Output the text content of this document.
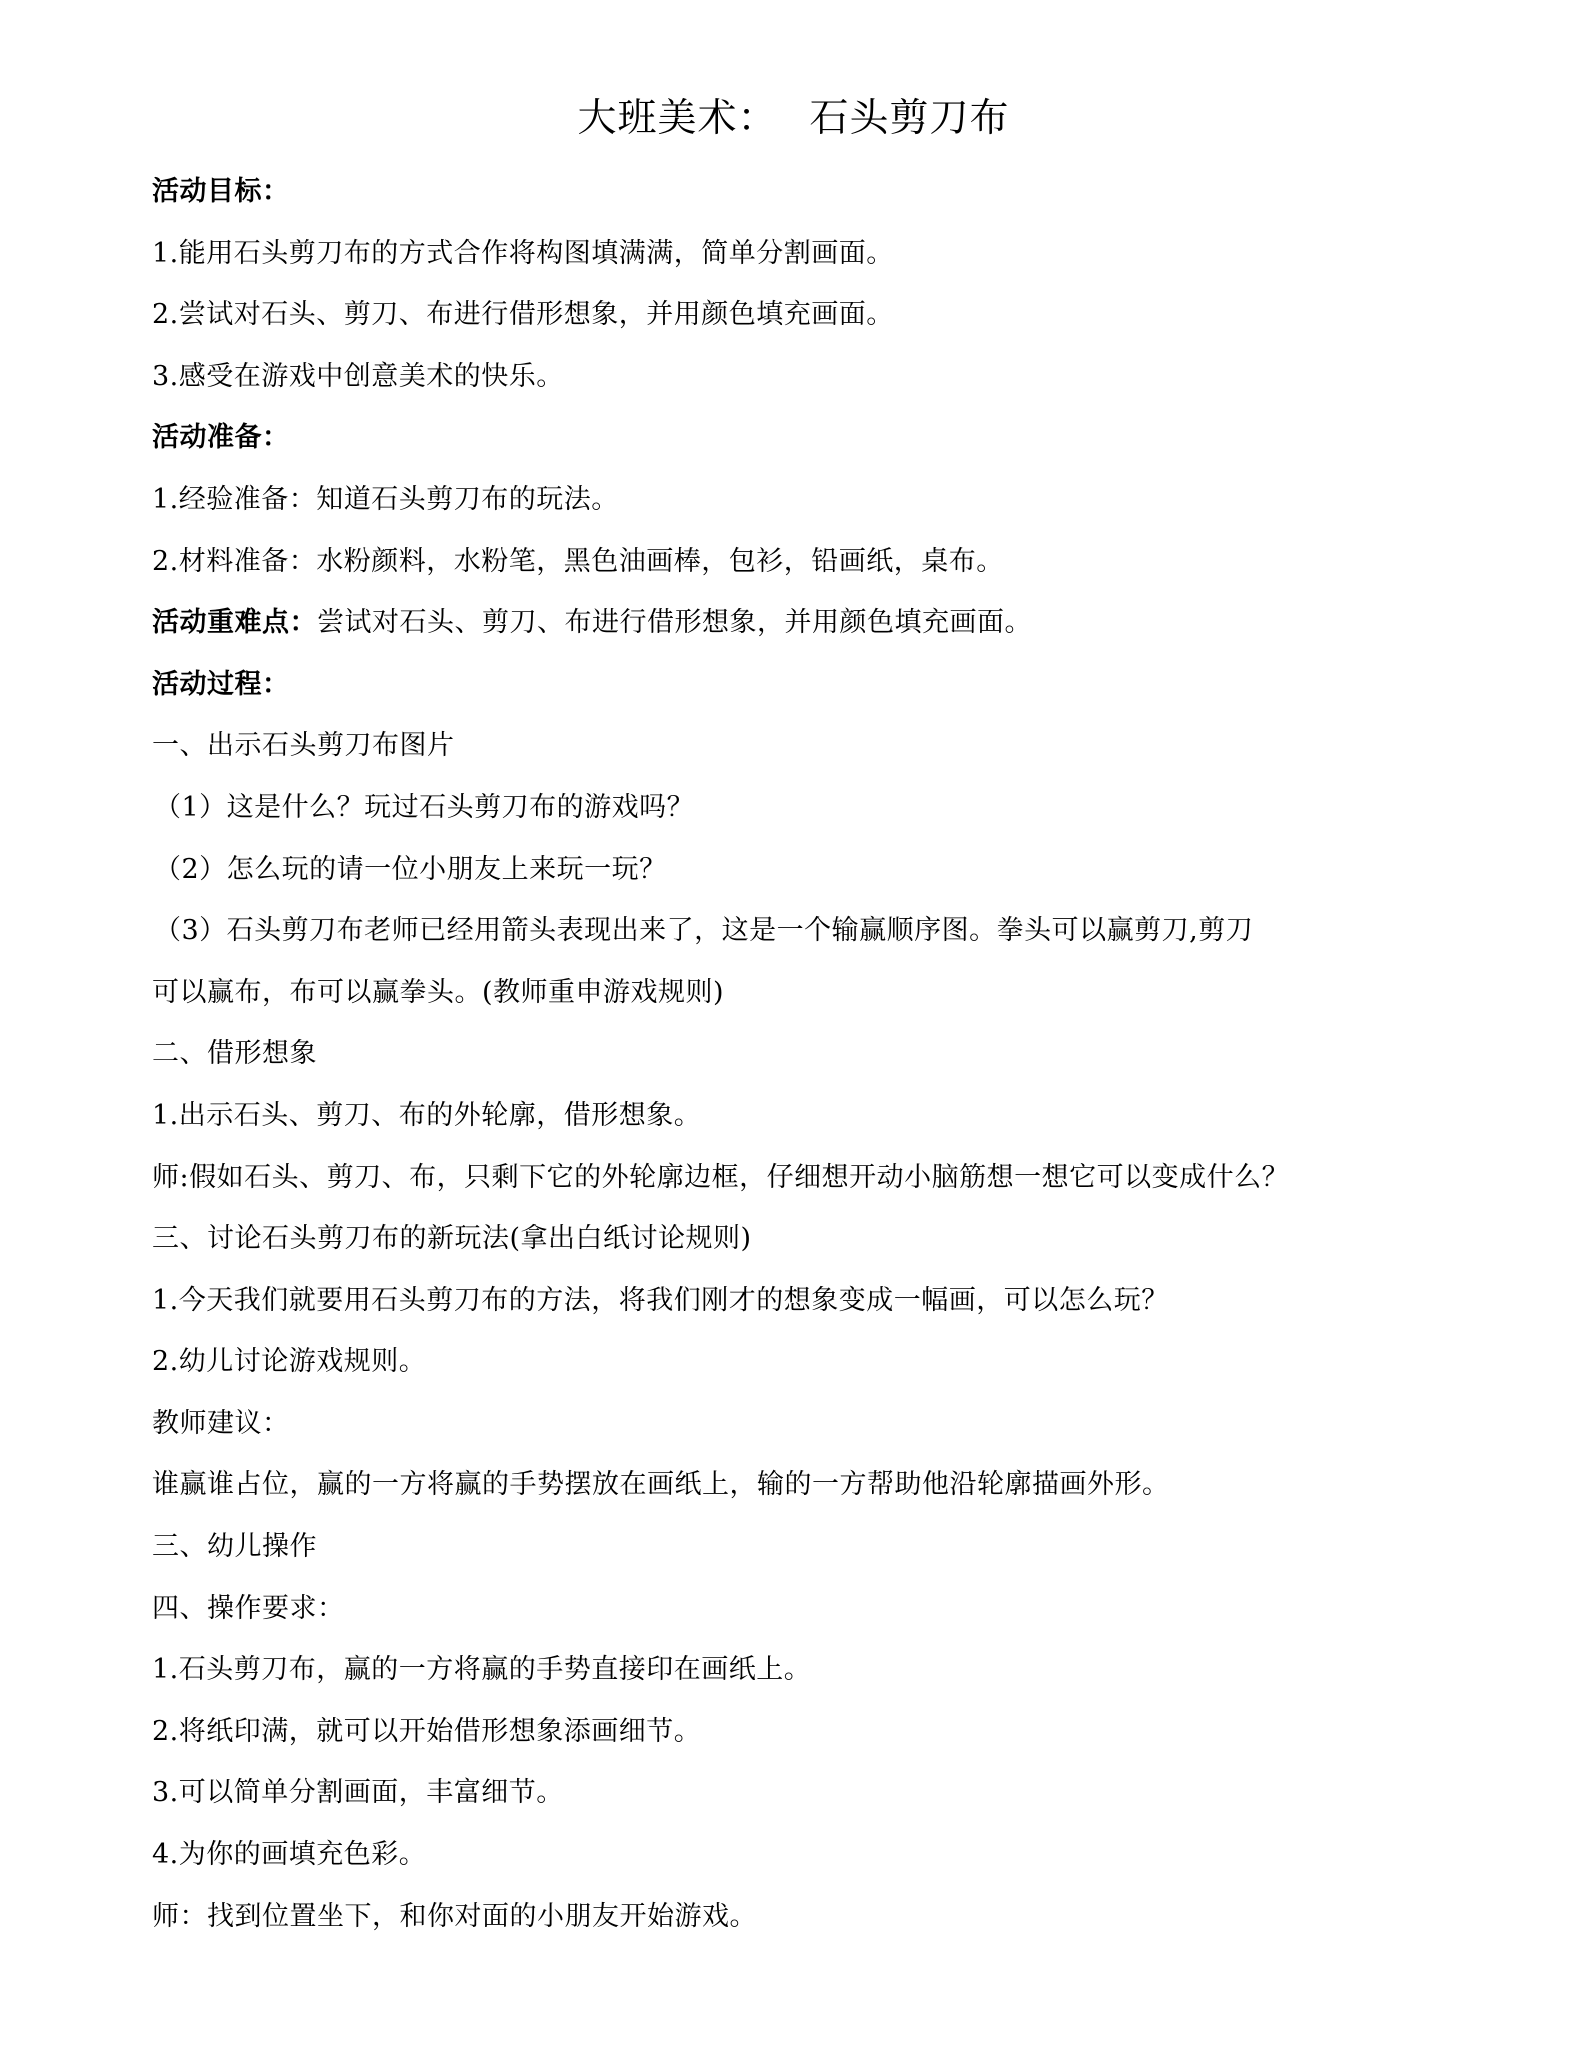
大班美术： 石头剪刀布
活动目标：
1.能用石头剪刀布的方式合作将构图填满满，简单分割画面。
2.尝试对石头、剪刀、布进行借形想象，并用颜色填充画面。
3.感受在游戏中创意美术的快乐。
活动准备：
1.经验准备：知道石头剪刀布的玩法。
2.材料准备：水粉颜料，水粉笔，黑色油画棒，包衫，铅画纸，桌布。
活动重难点：尝试对石头、剪刀、布进行借形想象，并用颜色填充画面。
活动过程：
一、出示石头剪刀布图片
（1）这是什么？玩过石头剪刀布的游戏吗？
（2）怎么玩的请一位小朋友上来玩一玩？
（3）石头剪刀布老师已经用箭头表现出来了，这是一个输赢顺序图。拳头可以赢剪刀,剪刀
可以赢布，布可以赢拳头。(教师重申游戏规则)
二、借形想象
1.出示石头、剪刀、布的外轮廓，借形想象。
师:假如石头、剪刀、布，只剩下它的外轮廓边框，仔细想开动小脑筋想一想它可以变成什么？
三、讨论石头剪刀布的新玩法(拿出白纸讨论规则)
1.今天我们就要用石头剪刀布的方法，将我们刚才的想象变成一幅画，可以怎么玩？
2.幼儿讨论游戏规则。
教师建议：
谁赢谁占位，赢的一方将赢的手势摆放在画纸上，输的一方帮助他沿轮廓描画外形。
三、幼儿操作
四、操作要求：
1.石头剪刀布，赢的一方将赢的手势直接印在画纸上。
2.将纸印满，就可以开始借形想象添画细节。
3.可以简单分割画面，丰富细节。
4.为你的画填充色彩。
师：找到位置坐下，和你对面的小朋友开始游戏。
